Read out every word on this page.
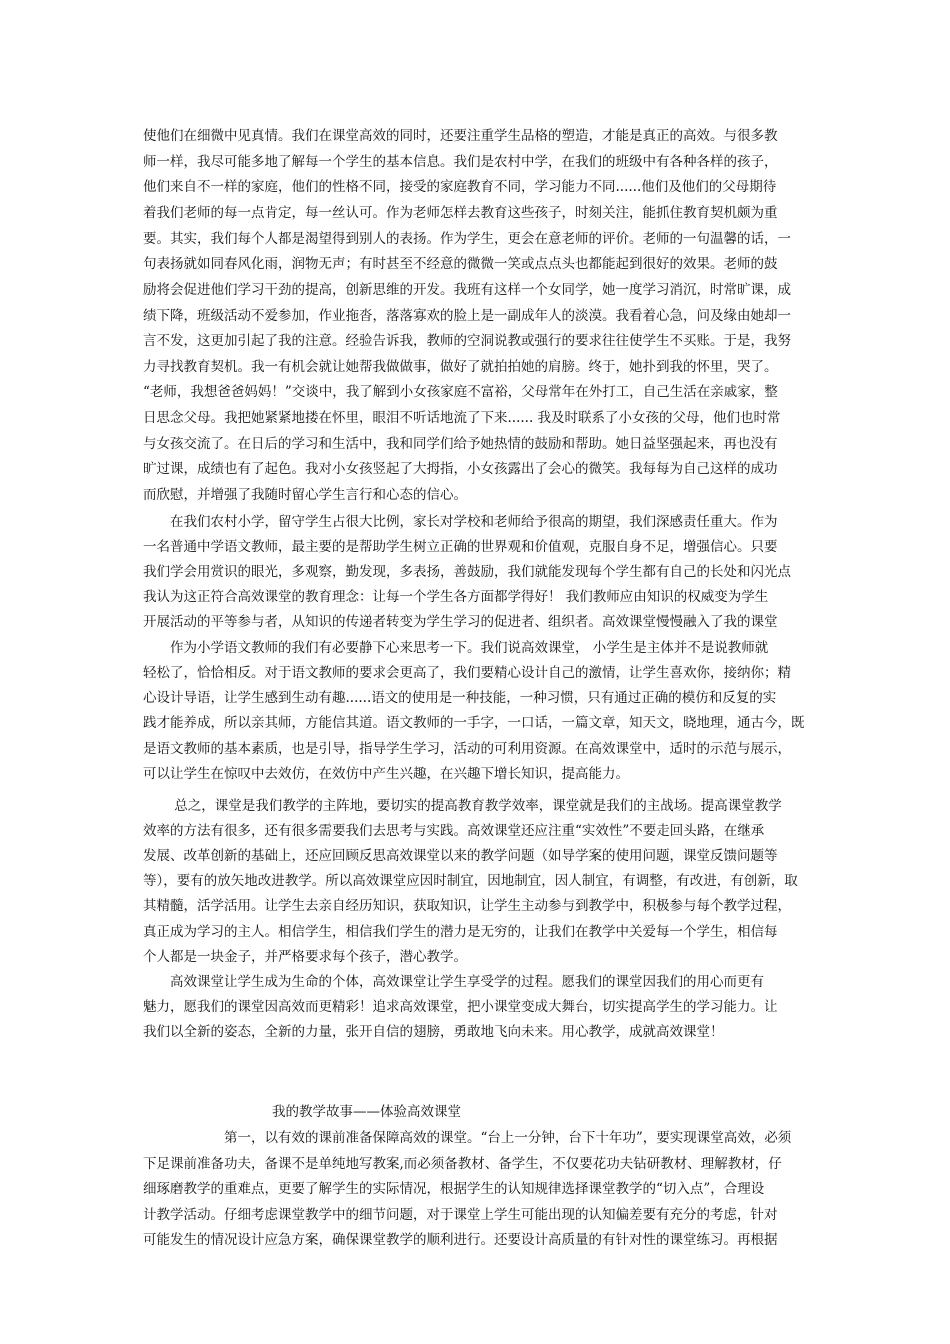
使他们在细微中见真情。我们在课堂高效的同时，还要注重学生品格的塑造，才能是真正的高效。与很多教
师一样，我尽可能多地了解每一个学生的基本信息。我们是农村中学，在我们的班级中有各种各样的孩子，
他们来自不一样的家庭，他们的性格不同，接受的家庭教育不同，学习能力不同......他们及他们的父母期待
着我们老师的每一点肯定，每一丝认可。作为老师怎样去教育这些孩子，时刻关注，能抓住教育契机颇为重
要。其实，我们每个人都是渴望得到别人的表扬。作为学生，更会在意老师的评价。老师的一句温馨的话，一
句表扬就如同春风化雨，润物无声；有时甚至不经意的微微一笑或点点头也都能起到很好的效果。老师的鼓
励将会促进他们学习干劲的提高，创新思维的开发。我班有这样一个女同学，她一度学习消沉，时常旷课，成
绩下降，班级活动不爱参加，作业拖沓，落落寡欢的脸上是一副成年人的淡漠。我看着心急，问及缘由她却一
言不发，这更加引起了我的注意。经验告诉我，教师的空洞说教或强行的要求往往使学生不买账。于是，我努
力寻找教育契机。我一有机会就让她帮我做做事，做好了就拍拍她的肩膀。终于，她扑到我的怀里，哭了。
“老师，我想爸爸妈妈！”交谈中，我了解到小女孩家庭不富裕，父母常年在外打工，自己生活在亲戚家，整
日思念父母。我把她紧紧地搂在怀里，眼泪不听话地流了下来...... 我及时联系了小女孩的父母，他们也时常
与女孩交流了。在日后的学习和生活中，我和同学们给予她热情的鼓励和帮助。她日益坚强起来，再也没有
旷过课，成绩也有了起色。我对小女孩竖起了大拇指，小女孩露出了会心的微笑。我每每为自己这样的成功
而欣慰，并增强了我随时留心学生言行和心态的信心。
　　在我们农村小学，留守学生占很大比例，家长对学校和老师给予很高的期望，我们深感责任重大。作为
一名普通中学语文教师，最主要的是帮助学生树立正确的世界观和价值观，克服自身不足，增强信心。只要
我们学会用赏识的眼光，多观察，勤发现，多表扬，善鼓励，我们就能发现每个学生都有自己的长处和闪光点
我认为这正符合高效课堂的教育理念：让每一个学生各方面都学得好！ 我们教师应由知识的权威变为学生
开展活动的平等参与者，从知识的传递者转变为学生学习的促进者、组织者。高效课堂慢慢融入了我的课堂
　　作为小学语文教师的我们有必要静下心来思考一下。我们说高效课堂， 小学生是主体并不是说教师就
轻松了，恰恰相反。对于语文教师的要求会更高了，我们要精心设计自己的激情，让学生喜欢你，接纳你；精
心设计导语，让学生感到生动有趣......语文的使用是一种技能，一种习惯，只有通过正确的模仿和反复的实
践才能养成，所以亲其师，方能信其道。语文教师的一手字，一口话，一篇文章，知天文，晓地理，通古今，既
是语文教师的基本素质，也是引导，指导学生学习，活动的可利用资源。在高效课堂中，适时的示范与展示，
可以让学生在惊叹中去效仿，在效仿中产生兴趣，在兴趣下增长知识，提高能力。
　　 总之，课堂是我们教学的主阵地，要切实的提高教育教学效率，课堂就是我们的主战场。提高课堂教学
效率的方法有很多，还有很多需要我们去思考与实践。高效课堂还应注重“实效性”不要走回头路，在继承
发展、改革创新的基础上，还应回顾反思高效课堂以来的教学问题（如导学案的使用问题，课堂反馈问题等
等），要有的放矢地改进教学。所以高效课堂应因时制宜，因地制宜，因人制宜，有调整，有改进，有创新，取
其精髓，活学活用。让学生去亲自经历知识，获取知识，让学生主动参与到教学中，积极参与每个教学过程，
真正成为学习的主人。相信学生，相信我们学生的潜力是无穷的，让我们在教学中关爱每一个学生，相信每
个人都是一块金子，并严格要求每个孩子，潜心教学。
　　高效课堂让学生成为生命的个体，高效课堂让学生享受学的过程。愿我们的课堂因我们的用心而更有
魅力，愿我们的课堂因高效而更精彩！追求高效课堂，把小课堂变成大舞台，切实提高学生的学习能力。让
我们以全新的姿态，全新的力量，张开自信的翅膀，勇敢地飞向未来。用心教学，成就高效课堂！
我的教学故事——体验高效课堂
　　　　　　第一，以有效的课前准备保障高效的课堂。“台上一分钟，台下十年功”，要实现课堂高效，必须
下足课前准备功夫，备课不是单纯地写教案,而必须备教材、备学生，不仅要花功夫钻研教材、理解教材，仔
细琢磨教学的重难点，更要了解学生的实际情况，根据学生的认知规律选择课堂教学的“切入点”，合理设
计教学活动。仔细考虑课堂教学中的细节问题，对于课堂上学生可能出现的认知偏差要有充分的考虑，针对
可能发生的情况设计应急方案，确保课堂教学的顺利进行。还要设计高质量的有针对性的课堂练习。再根据
